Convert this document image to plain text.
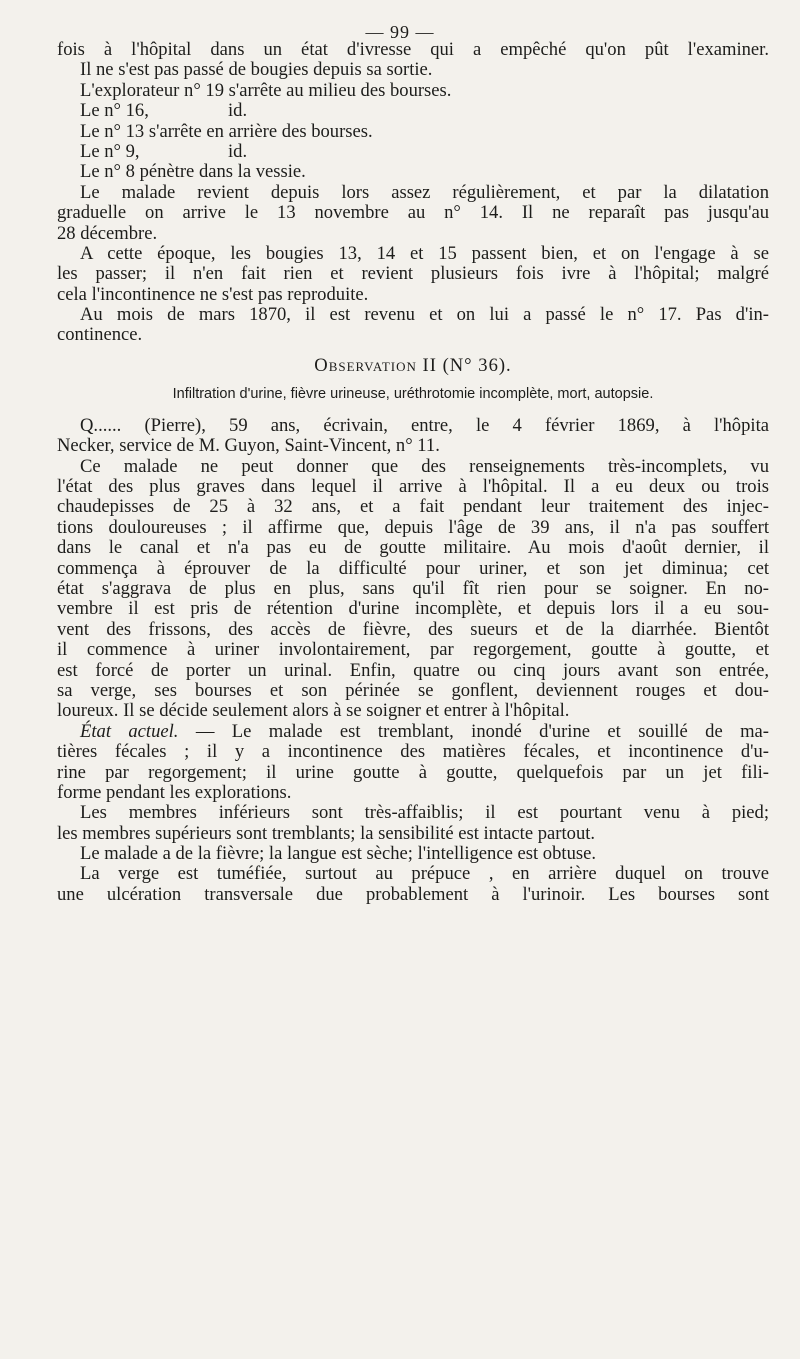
— 99 —
fois à l'hôpital dans un état d'ivresse qui a empêché qu'on pût l'examiner.
Il ne s'est pas passé de bougies depuis sa sortie.
L'explorateur n° 19 s'arrête au milieu des bourses.
Le n° 16,	id.
Le n° 13 s'arrête en arrière des bourses.
Le n° 9,	id.
Le n° 8 pénètre dans la vessie.
Le malade revient depuis lors assez régulièrement, et par la dilatation
graduelle on arrive le 13 novembre au n° 14. Il ne reparaît pas jusqu'au
28 décembre.
A cette époque, les bougies 13, 14 et 15 passent bien, et on l'engage à se
les passer; il n'en fait rien et revient plusieurs fois ivre à l'hôpital; malgré
cela l'incontinence ne s'est pas reproduite.
Au mois de mars 1870, il est revenu et on lui a passé le n° 17. Pas d'in-
continence.
Observation II (N° 36).
Infiltration d'urine, fièvre urineuse, uréthrotomie incomplète, mort, autopsie.
Q...... (Pierre), 59 ans, écrivain, entre, le 4 février 1869, à l'hôpita
Necker, service de M. Guyon, Saint-Vincent, n° 11.
Ce malade ne peut donner que des renseignements très-incomplets, vu
l'état des plus graves dans lequel il arrive à l'hôpital. Il a eu deux ou trois
chaudepisses de 25 à 32 ans, et a fait pendant leur traitement des injec-
tions douloureuses ; il affirme que, depuis l'âge de 39 ans, il n'a pas souffert
dans le canal et n'a pas eu de goutte militaire. Au mois d'août dernier, il
commença à éprouver de la difficulté pour uriner, et son jet diminua; cet
état s'aggrava de plus en plus, sans qu'il fît rien pour se soigner. En no-
vembre il est pris de rétention d'urine incomplète, et depuis lors il a eu sou-
vent des frissons, des accès de fièvre, des sueurs et de la diarrhée. Bientôt
il commence à uriner involontairement, par regorgement, goutte à goutte, et
est forcé de porter un urinal. Enfin, quatre ou cinq jours avant son entrée,
sa verge, ses bourses et son périnée se gonflent, deviennent rouges et dou-
loureux. Il se décide seulement alors à se soigner et entrer à l'hôpital.
État actuel. — Le malade est tremblant, inondé d'urine et souillé de ma-
tières fécales ; il y a incontinence des matières fécales, et incontinence d'u-
rine par regorgement; il urine goutte à goutte, quelquefois par un jet fili-
forme pendant les explorations.
Les membres inférieurs sont très-affaiblis; il est pourtant venu à pied;
les membres supérieurs sont tremblants; la sensibilité est intacte partout.
Le malade a de la fièvre; la langue est sèche; l'intelligence est obtuse.
La verge est tuméfiée, surtout au prépuce , en arrière duquel on trouve
une ulcération transversale due probablement à l'urinoir. Les bourses sont
